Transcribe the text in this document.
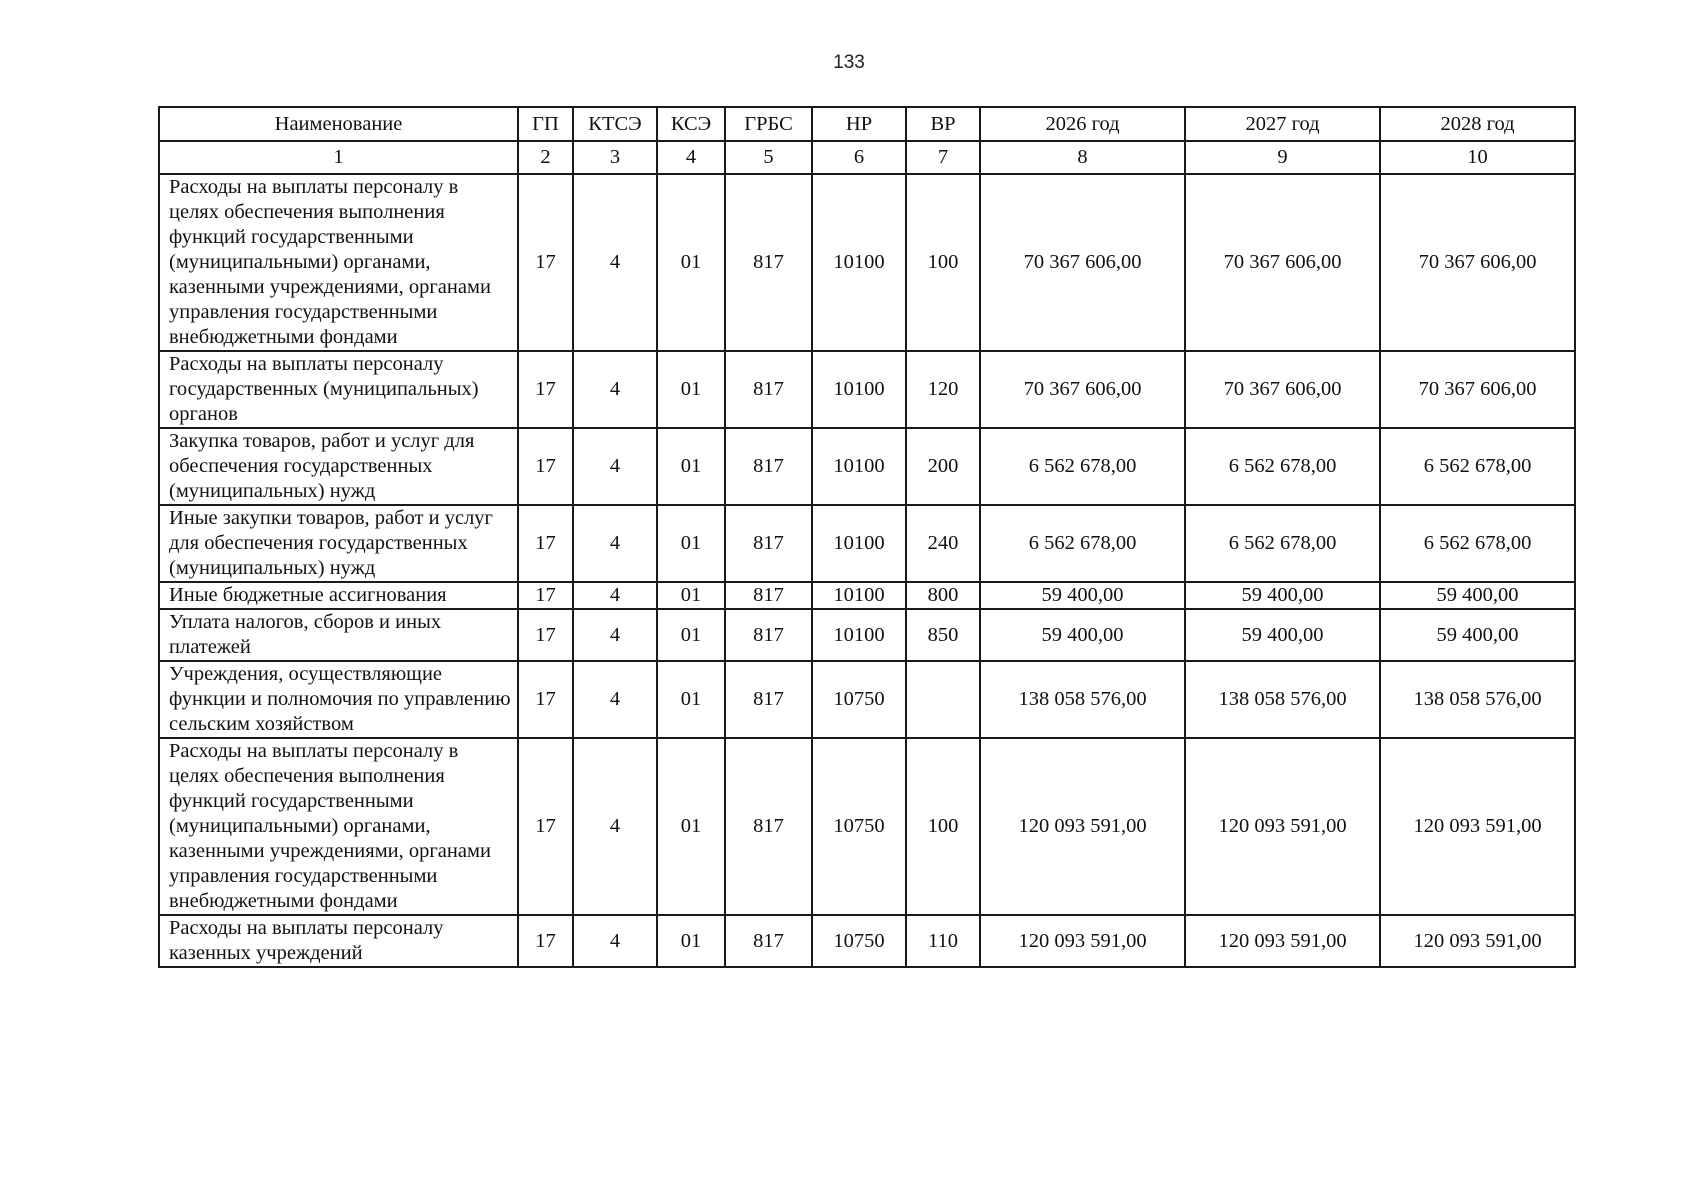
133
Наименование	ГП	КТСЭ	КСЭ	ГРБС	НР	ВР	2026 год	2027 год	2028 год
1	2	3	4	5	6	7	8	9	10
Расходы на выплаты персоналу в целях обеспечения выполнения функций государственными (муниципальными) органами, казенными учреждениями, органами управления государственными внебюджетными фондами	17	4	01	817	10100	100	70 367 606,00	70 367 606,00	70 367 606,00
Расходы на выплаты персоналу государственных (муниципальных) органов	17	4	01	817	10100	120	70 367 606,00	70 367 606,00	70 367 606,00
Закупка товаров, работ и услуг для обеспечения государственных (муниципальных) нужд	17	4	01	817	10100	200	6 562 678,00	6 562 678,00	6 562 678,00
Иные закупки товаров, работ и услуг для обеспечения государственных (муниципальных) нужд	17	4	01	817	10100	240	6 562 678,00	6 562 678,00	6 562 678,00
Иные бюджетные ассигнования	17	4	01	817	10100	800	59 400,00	59 400,00	59 400,00
Уплата налогов, сборов и иных платежей	17	4	01	817	10100	850	59 400,00	59 400,00	59 400,00
Учреждения, осуществляющие функции и полномочия по управлению сельским хозяйством	17	4	01	817	10750		138 058 576,00	138 058 576,00	138 058 576,00
Расходы на выплаты персоналу в целях обеспечения выполнения функций государственными (муниципальными) органами, казенными учреждениями, органами управления государственными внебюджетными фондами	17	4	01	817	10750	100	120 093 591,00	120 093 591,00	120 093 591,00
Расходы на выплаты персоналу казенных учреждений	17	4	01	817	10750	110	120 093 591,00	120 093 591,00	120 093 591,00
